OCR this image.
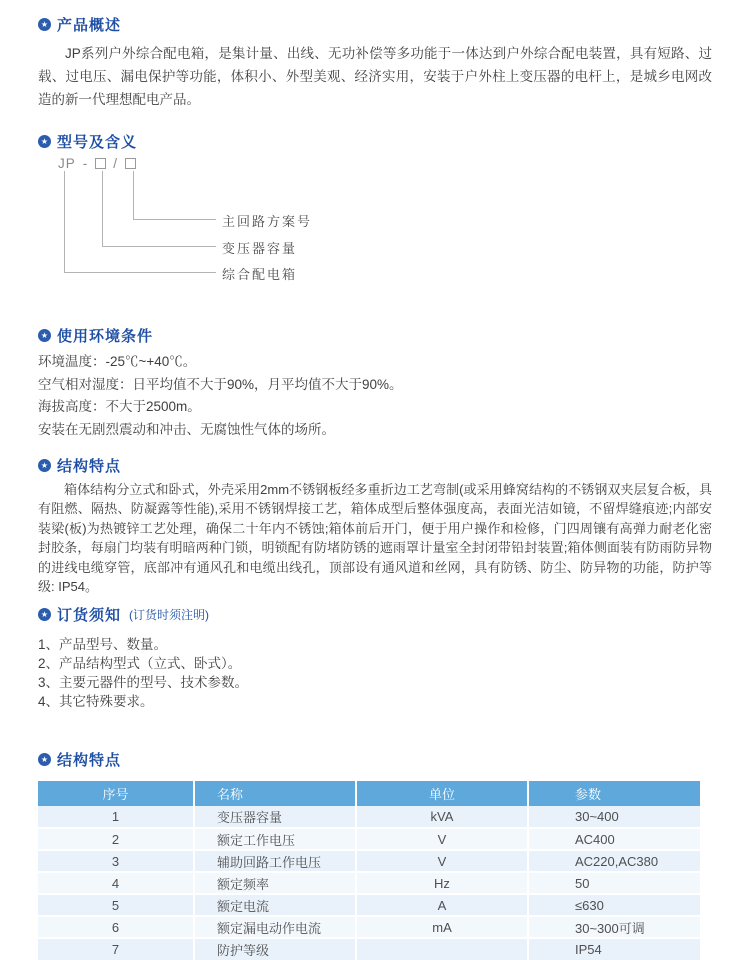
★ 产品概述

JP系列户外综合配电箱，是集计量、出线、无功补偿等多功能于一体达到户外综合配电装置，具有短路、过载、过电压、漏电保护等功能，体积小、外型美观、经济实用，安装于户外柱上变压器的电杆上，是城乡电网改造的新一代理想配电产品。

★ 型号及含义
JP - /
主回路方案号
变压器容量
综合配电箱
★ 使用环境条件
环境温度：-25℃~+40℃。
空气相对湿度：日平均值不大于90%，月平均值不大于90%。
海拔高度：不大于2500m。
安装在无剧烈震动和冲击、无腐蚀性气体的场所。
★ 结构特点

箱体结构分立式和卧式，外壳采用2mm不锈钢板经多重折边工艺弯制(或采用蜂窝结构的不锈钢双夹层复合板，具有阻燃、隔热、防凝露等性能),采用不锈钢焊接工艺，箱体成型后整体强度高，表面光洁如镜，不留焊缝痕迹;内部安装梁(板)为热镀锌工艺处理，确保二十年内不锈蚀;箱体前后开门，便于用户操作和检修，门四周镶有高弹力耐老化密封胶条，每扇门均装有明暗两种门锁，明锁配有防堵防锈的遮雨罩计量室全封闭带铅封装置;箱体侧面装有防雨防异物的进线电缆穿管，底部冲有通风孔和电缆出线孔，顶部设有通风道和丝网，具有防锈、防尘、防异物的功能，防护等级: IP54。

★ 订货须知 (订货时须注明)
1、产品型号、数量。
2、产品结构型式（立式、卧式）。
3、主要元器件的型号、技术参数。
4、其它特殊要求。
★ 结构特点
序号	名称	单位	参数
1	变压器容量	kVA	30~400
2	额定工作电压	V	AC400
3	辅助回路工作电压	V	AC220,AC380
4	额定频率	Hz	50
5	额定电流	A	≤630
6	额定漏电动作电流	mA	30~300可调
7	防护等级		IP54
